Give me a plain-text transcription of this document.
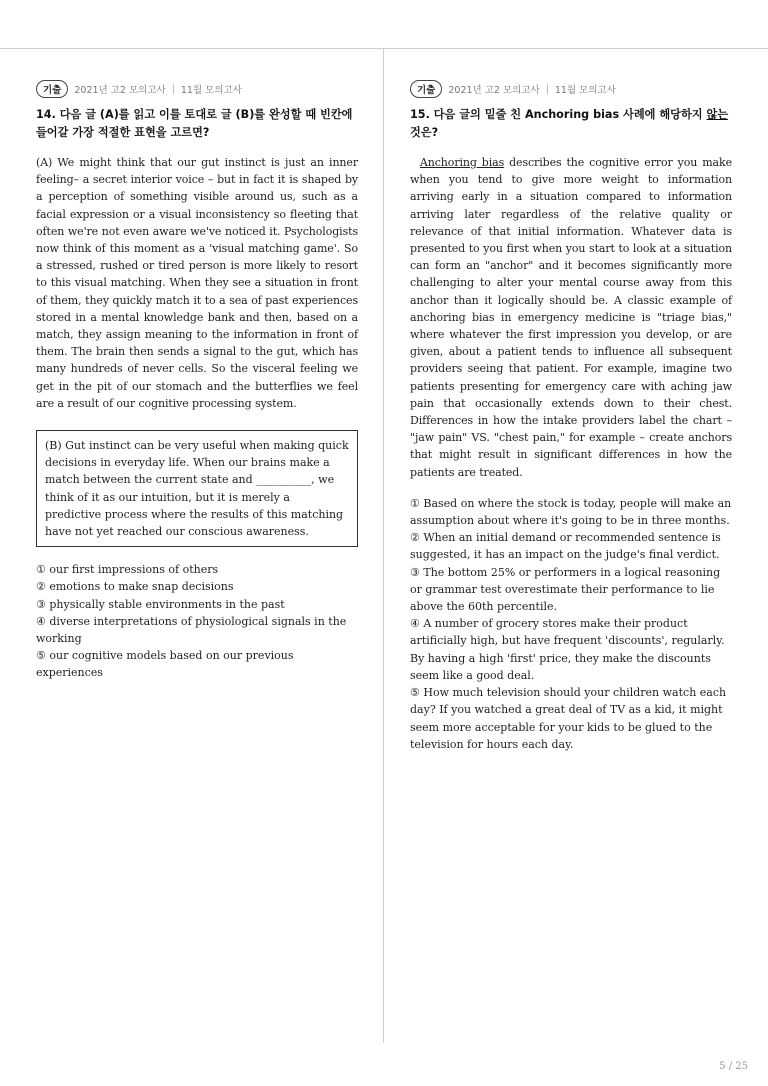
기출	2021년 고2 모의고사 | 11월 모의고사
14. 다음 글 (A)를 읽고 이를 토대로 글 (B)를 완성할 때 빈칸에 들어갈 가장 적절한 표현을 고르면?

(A) We might think that our gut instinct is just an inner feeling– a secret interior voice – but in fact it is shaped by a perception of something visible around us, such as a facial expression or a visual inconsistency so fleeting that often we're not even aware we've noticed it. Psychologists now think of this moment as a 'visual matching game'. So a stressed, rushed or tired person is more likely to resort to this visual matching. When they see a situation in front of them, they quickly match it to a sea of past experiences stored in a mental knowledge bank and then, based on a match, they assign meaning to the information in front of them. The brain then sends a signal to the gut, which has many hundreds of never cells. So the visceral feeling we get in the pit of our stomach and the butterflies we feel are a result of our cognitive processing system.

(B) Gut instinct can be very useful when making quick decisions in everyday life. When our brains make a match between the current state and __________, we think of it as our intuition, but it is merely a predictive process where the results of this matching have not yet reached our conscious awareness.
① our first impressions of others
② emotions to make snap decisions
③ physically stable environments in the past
④ diverse interpretations of physiological signals in the working
⑤ our cognitive models based on our previous experiences
기출	2021년 고2 모의고사 | 11월 모의고사
15. 다음 글의 밑줄 친 Anchoring bias 사례에 해당하지 않는 것은?

Anchoring bias describes the cognitive error you make when you tend to give more weight to information arriving early in a situation compared to information arriving later regardless of the relative quality or relevance of that initial information. Whatever data is presented to you first when you start to look at a situation can form an "anchor" and it becomes significantly more challenging to alter your mental course away from this anchor than it logically should be. A classic example of anchoring bias in emergency medicine is "triage bias," where whatever the first impression you develop, or are given, about a patient tends to influence all subsequent providers seeing that patient. For example, imagine two patients presenting for emergency care with aching jaw pain that occasionally extends down to their chest. Differences in how the intake providers label the chart – "jaw pain" VS. "chest pain," for example – create anchors that might result in significant differences in how the patients are treated.

① Based on where the stock is today, people will make an assumption about where it's going to be in three months.
② When an initial demand or recommended sentence is suggested, it has an impact on the judge's final verdict.
③ The bottom 25% or performers in a logical reasoning or grammar test overestimate their performance to lie above the 60th percentile.
④ A number of grocery stores make their product artificially high, but have frequent 'discounts', regularly. By having a high 'first' price, they make the discounts seem like a good deal.
⑤ How much television should your children watch each day? If you watched a great deal of TV as a kid, it might seem more acceptable for your kids to be glued to the television for hours each day.
5 / 25
